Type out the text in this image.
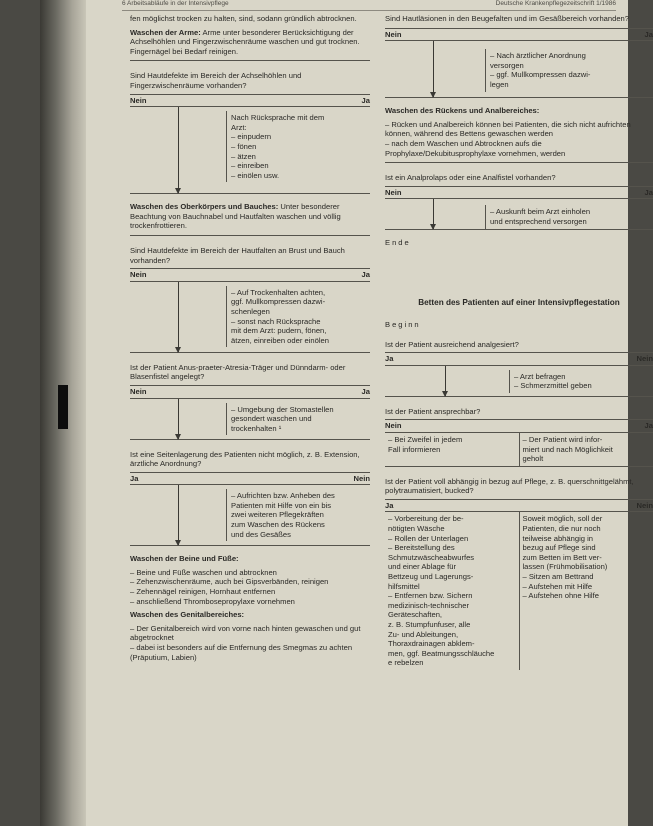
6 Arbeitsabläufe in der Intensivpflege	Deutsche Krankenpflegezeitschrift 1/1986

fen möglichst trocken zu halten, sind, sodann gründlich abtrocknen.

Waschen der Arme: Arme unter besonderer Berücksichtigung der Achselhöhlen und Fingerzwischenräume waschen und gut trocknen. Fingernägel bei Bedarf reinigen.

Sind Hautdefekte im Bereich der Achselhöhlen und Fingerzwischenräume vorhanden?

Nein	Ja
Nach Rücksprache mit dem
Arzt:
– einpudern
– fönen
– ätzen
– einreiben
– einölen usw.

Waschen des Oberkörpers und Bauches: Unter besonderer Beachtung von Bauchnabel und Hautfalten waschen und völlig trockenfrottieren.

Sind Hautdefekte im Bereich der Hautfalten an Brust und Bauch vorhanden?

Nein	Ja
– Auf Trockenhalten achten,
ggf. Mullkompressen dazwi-
schenlegen
– sonst nach Rücksprache
mit dem Arzt: pudern, fönen,
ätzen, einreiben oder einölen

Ist der Patient Anus-praeter-Atresia-Träger und Dünndarm- oder Blasenfistel angelegt?

Nein	Ja
– Umgebung der Stomastellen
gesondert waschen und
trockenhalten ¹

Ist eine Seitenlagerung des Patienten nicht möglich, z. B. Extension, ärztliche Anordnung?

Ja	Nein
– Aufrichten bzw. Anheben des
Patienten mit Hilfe von ein bis
zwei weiteren Pflegekräften
zum Waschen des Rückens
und des Gesäßes

Waschen der Beine und Füße:

– Beine und Füße waschen und abtrocknen

– Zehenzwischenräume, auch bei Gipsverbänden, reinigen

– Zehennägel reinigen, Hornhaut entfernen

– anschließend Thrombosepropylaxe vornehmen

Waschen des Genitalbereiches:

– Der Genitalbereich wird von vorne nach hinten gewaschen und gut abgetrocknet

– dabei ist besonders auf die Entfernung des Smegmas zu achten (Präputium, Labien)

Sind Hautläsionen in den Beugefalten und im Gesäßbereich vorhanden?

Nein	Ja
– Nach ärztlicher Anordnung
versorgen
– ggf. Mullkompressen dazwi-
legen

Waschen des Rückens und Analbereiches:

– Rücken und Analbereich können bei Patienten, die sich nicht aufrichten können, während des Bettens gewaschen werden

– nach dem Waschen und Abtrocknen aufs die Prophylaxe/Dekubitusprophylaxe vornehmen, werden

Ist ein Analprolaps oder eine Analfistel vorhanden?

Nein	Ja
– Auskunft beim Arzt einholen
und entsprechend versorgen

Ende

Betten des Patienten auf einer Intensivpflegestation

Beginn

Ist der Patient ausreichend analgesiert?

Ja	Nein
– Arzt befragen
– Schmerzmittel geben

Ist der Patient ansprechbar?

Nein	Ja
– Bei Zweifel in jedem
Fall informieren
– Der Patient wird infor-
miert und nach Möglichkeit
geholt

Ist der Patient voll abhängig in bezug auf Pflege, z. B. querschnittgelähmt, polytraumatisiert, bucked?

Ja	Nein
– Vorbereitung der be-
nötigten Wäsche
– Rollen der Unterlagen
– Bereitstellung des
Schmutzwäscheabwurfes
und einer Ablage für
Bettzeug und Lagerungs-
hilfsmittel
– Entfernen bzw. Sichern
medizinisch-technischer
Geräteschaften,
z. B. Stumpfunfuser, alle
Zu- und Ableitungen,
Thoraxdrainagen abklem-
men, ggf. Beatmungsschläuche
e rebelzen
Soweit möglich, soll der
Patienten, die nur noch
teilweise abhängig in
bezug auf Pflege sind
zum Betten im Bett ver-
lassen (Frühmobilisation)
– Sitzen am Bettrand
– Aufstehen mit Hilfe
– Aufstehen ohne Hilfe
